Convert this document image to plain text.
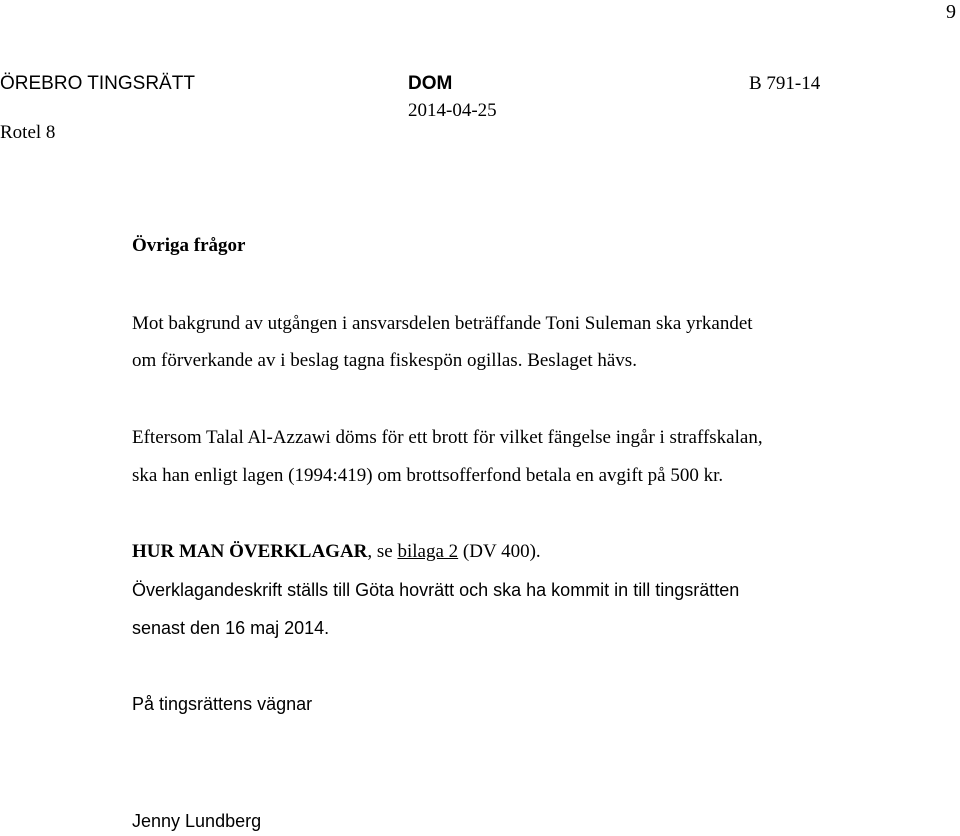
9
ÖREBRO TINGSRÄTT
Rotel 8
DOM
2014-04-25
B 791-14
Övriga frågor
Mot bakgrund av utgången i ansvarsdelen beträffande Toni Suleman ska yrkandet
om förverkande av i beslag tagna fiskespön ogillas. Beslaget hävs.
Eftersom Talal Al-Azzawi döms för ett brott för vilket fängelse ingår i straffskalan,
ska han enligt lagen (1994:419) om brottsofferfond betala en avgift på 500 kr.
HUR MAN ÖVERKLAGAR, se bilaga 2 (DV 400).
Överklagandeskrift ställs till Göta hovrätt och ska ha kommit in till tingsrätten
senast den 16 maj 2014.
På tingsrättens vägnar
Jenny Lundberg
